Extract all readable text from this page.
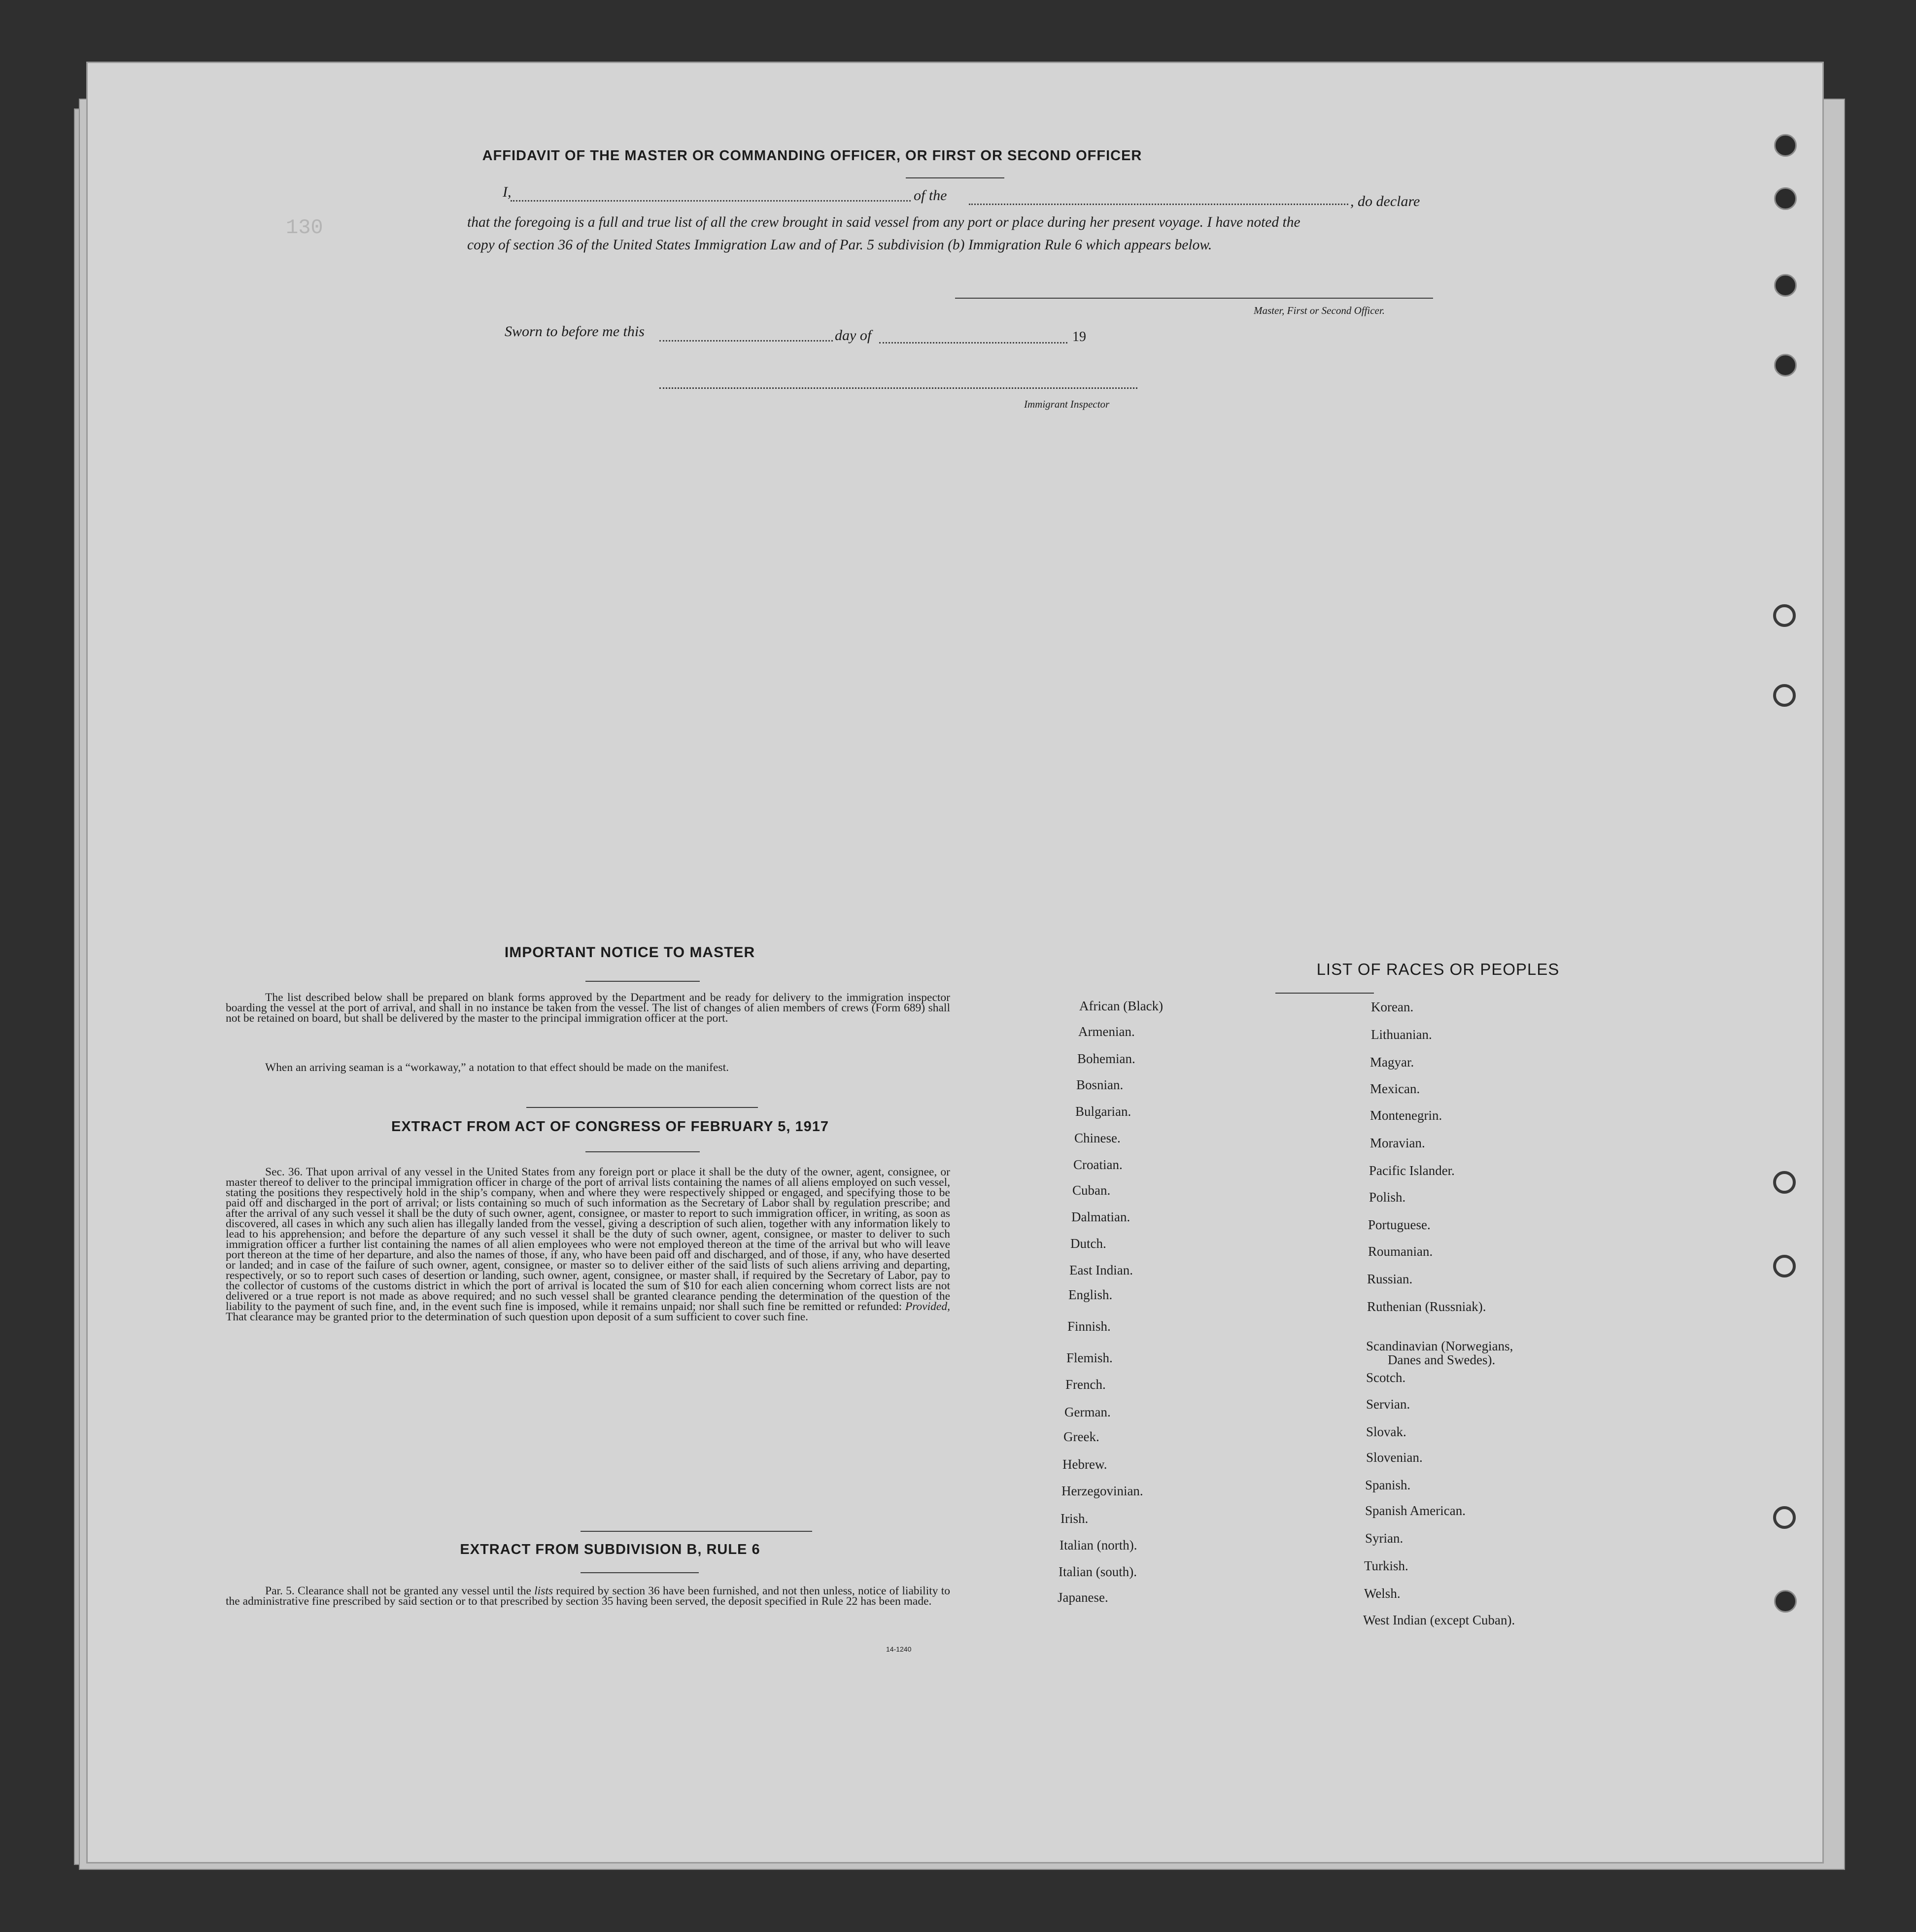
130
AFFIDAVIT OF THE MASTER OR COMMANDING OFFICER, OR FIRST OR SECOND OFFICER
I,	of the	, do declare
that the foregoing is a full and true list of all the crew brought in said vessel from any port or place during her present voyage. I have noted the
copy of section 36 of the United States Immigration Law and of Par. 5 subdivision (b) Immigration Rule 6 which appears below.
Master, First or Second Officer.
Sworn to before me this	day of	19
Immigrant Inspector
IMPORTANT NOTICE TO MASTER
The list described below shall be prepared on blank forms approved by the Department and be ready for delivery to the immigration inspector boarding the vessel at the port of arrival, and shall in no instance be taken from the vessel. The list of changes of alien members of crews (Form 689) shall not be retained on board, but shall be delivered by the master to the principal immigration officer at the port.
When an arriving seaman is a “workaway,” a notation to that effect should be made on the manifest.
EXTRACT FROM ACT OF CONGRESS OF FEBRUARY 5, 1917
Sec. 36. That upon arrival of any vessel in the United States from any foreign port or place it shall be the duty of the owner, agent, consignee, or master thereof to deliver to the principal immigration officer in charge of the port of arrival lists containing the names of all aliens employed on such vessel, stating the positions they respectively hold in the ship’s company, when and where they were respectively shipped or engaged, and specifying those to be paid off and discharged in the port of arrival; or lists containing so much of such information as the Secretary of Labor shall by regulation prescribe; and after the arrival of any such vessel it shall be the duty of such owner, agent, consignee, or master to report to such immigration officer, in writing, as soon as discovered, all cases in which any such alien has illegally landed from the vessel, giving a description of such alien, together with any information likely to lead to his apprehension; and before the departure of any such vessel it shall be the duty of such owner, agent, consignee, or master to deliver to such immigration officer a further list containing the names of all alien employees who were not employed thereon at the time of the arrival but who will leave port thereon at the time of her departure, and also the names of those, if any, who have been paid off and discharged, and of those, if any, who have deserted or landed; and in case of the failure of such owner, agent, consignee, or master so to deliver either of the said lists of such aliens arriving and departing, respectively, or so to report such cases of desertion or landing, such owner, agent, consignee, or master shall, if required by the Secretary of Labor, pay to the collector of customs of the customs district in which the port of arrival is located the sum of $10 for each alien concerning whom correct lists are not delivered or a true report is not made as above required; and no such vessel shall be granted clearance pending the determination of the question of the liability to the payment of such fine, and, in the event such fine is imposed, while it remains unpaid; nor shall such fine be remitted or refunded: Provided, That clearance may be granted prior to the determination of such question upon deposit of a sum sufficient to cover such fine.
EXTRACT FROM SUBDIVISION B, RULE 6
Par. 5. Clearance shall not be granted any vessel until the lists required by section 36 have been furnished, and not then unless, notice of liability to the administrative fine prescribed by said section or to that prescribed by section 35 having been served, the deposit specified in Rule 22 has been made.
14-1240
LIST OF RACES OR PEOPLES
African (Black)
Armenian.
Bohemian.
Bosnian.
Bulgarian.
Chinese.
Croatian.
Cuban.
Dalmatian.
Dutch.
East Indian.
English.
Finnish.
Flemish.
French.
German.
Greek.
Hebrew.
Herzegovinian.
Irish.
Italian (north).
Italian (south).
Japanese.
Korean.
Lithuanian.
Magyar.
Mexican.
Montenegrin.
Moravian.
Pacific Islander.
Polish.
Portuguese.
Roumanian.
Russian.
Ruthenian (Russniak).
Scandinavian (Norwegians,
Danes and Swedes).
Scotch.
Servian.
Slovak.
Slovenian.
Spanish.
Spanish American.
Syrian.
Turkish.
Welsh.
West Indian (except Cuban).
